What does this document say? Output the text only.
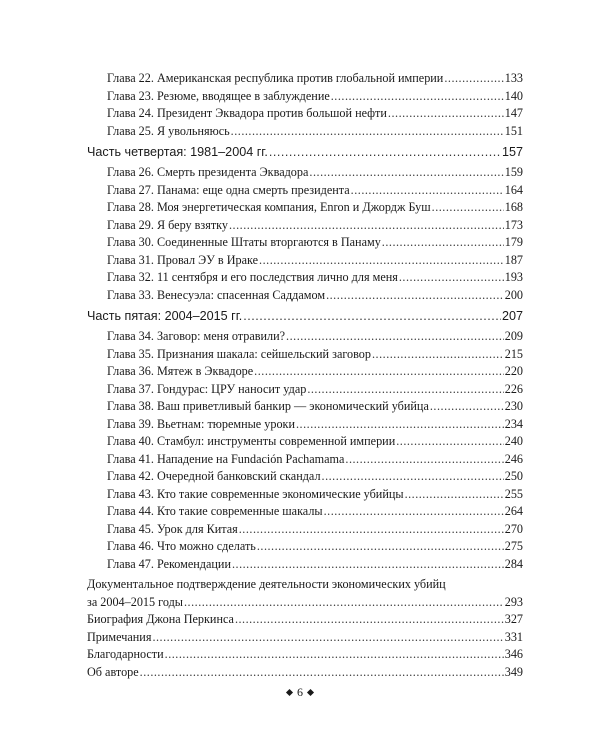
Глава 22. Американская республика против глобальной империи .....	133
Глава 23. Резюме, вводящее в заблуждение .....	140
Глава 24. Президент Эквадора против большой нефти .....	147
Глава 25. Я увольняюсь .....	151
Часть четвертая: 1981–2004 гг. .....	157
Глава 26. Смерть президента Эквадора .....	159
Глава 27. Панама: еще одна смерть президента .....	164
Глава 28. Моя энергетическая компания, Enron и Джордж Буш .....	168
Глава 29. Я беру взятку .....	173
Глава 30. Соединенные Штаты вторгаются в Панаму .....	179
Глава 31. Провал ЭУ в Ираке .....	187
Глава 32. 11 сентября и его последствия лично для меня .....	193
Глава 33. Венесуэла: спасенная Саддамом .....	200
Часть пятая: 2004–2015 гг. .....	207
Глава 34. Заговор: меня отравили? .....	209
Глава 35. Признания шакала: сейшельский заговор .....	215
Глава 36. Мятеж в Эквадоре .....	220
Глава 37. Гондурас: ЦРУ наносит удар .....	226
Глава 38. Ваш приветливый банкир — экономический убийца .....	230
Глава 39. Вьетнам: тюремные уроки .....	234
Глава 40. Стамбул: инструменты современной империи .....	240
Глава 41. Нападение на Fundación Pachamama .....	246
Глава 42. Очередной банковский скандал .....	250
Глава 43. Кто такие современные экономические убийцы .....	255
Глава 44. Кто такие современные шакалы .....	264
Глава 45. Урок для Китая .....	270
Глава 46. Что можно сделать .....	275
Глава 47. Рекомендации .....	284
Документальное подтверждение деятельности экономических убийц
за 2004–2015 годы .....	293
Биография Джона Перкинса .....	327
Примечания .....	331
Благодарности .....	346
Об авторе .....	349
6
